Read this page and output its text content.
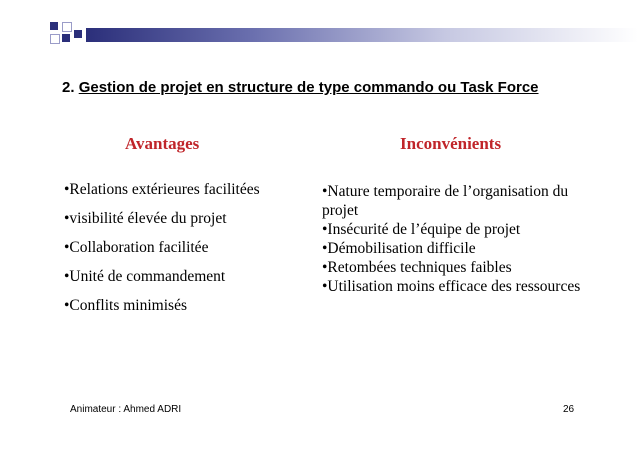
2. Gestion de projet en structure de type commando ou Task Force
Avantages	Inconvénients
•Relations extérieures facilitées
•visibilité élevée du projet
•Collaboration facilitée
•Unité de commandement
•Conflits minimisés
•Nature temporaire de l’organisation du projet
•Insécurité de l’équipe de projet
•Démobilisation difficile
•Retombées techniques faibles
•Utilisation moins efficace des ressources
Animateur : Ahmed ADRI	26
